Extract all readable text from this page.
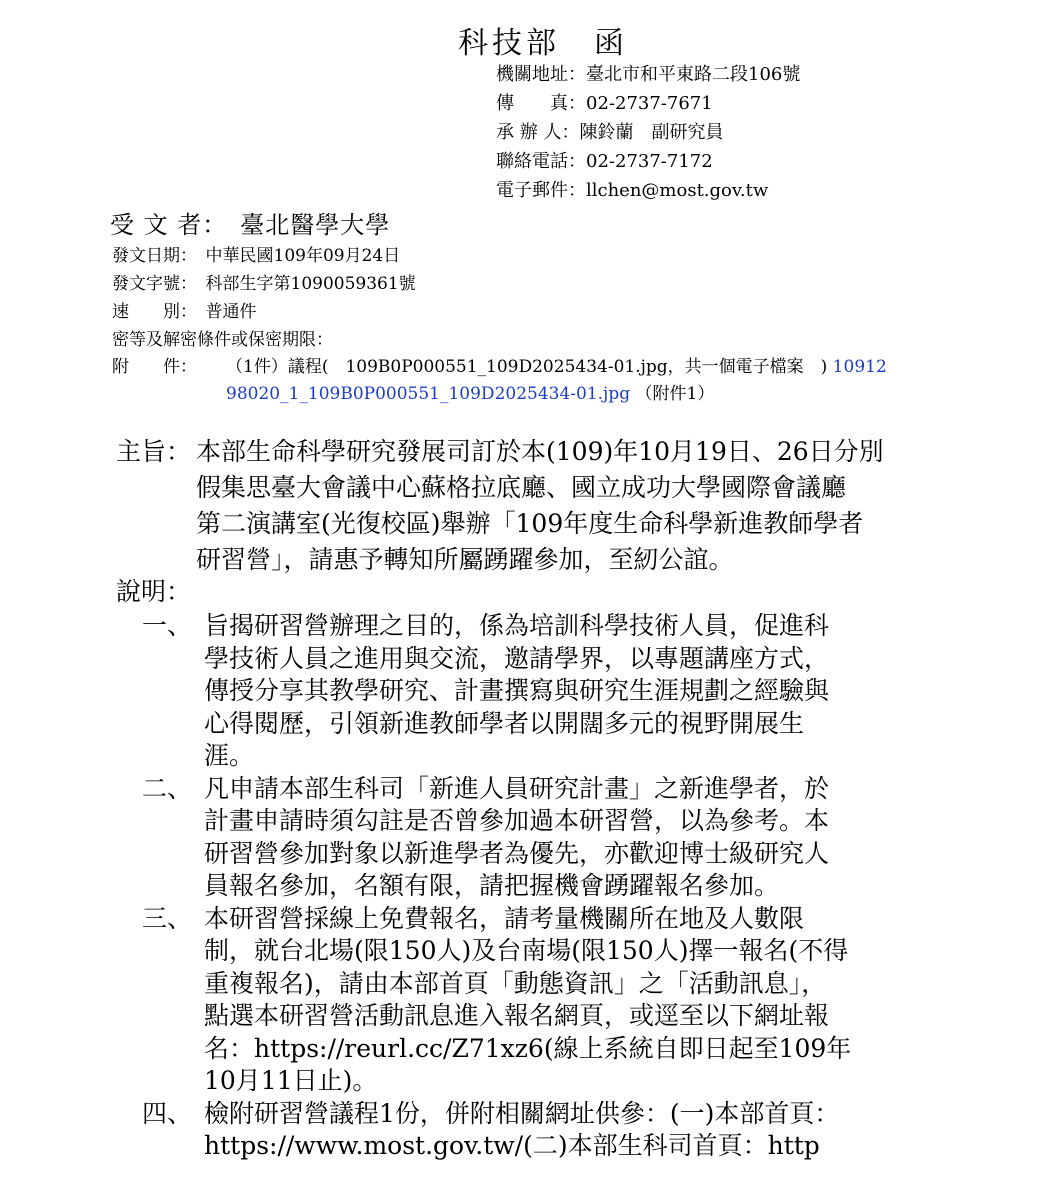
科技部　函
機關地址：臺北市和平東路二段106號
傳　　真：02-2737-7671
承 辦 人：陳鈴蘭　副研究員
聯絡電話：02-2737-7172
電子郵件：llchen@most.gov.tw
受 文 者：　臺北醫學大學
發文日期：　中華民國109年09月24日
發文字號：　科部生字第1090059361號
速　　別：　普通件
密等及解密條件或保密期限：
附　　件： （1件）議程(　109B0P000551_109D2025434-01.jpg，共一個電子檔案　) 10912
98020_1_109B0P000551_109D2025434-01.jpg （附件1）
主旨： 本部生命科學研究發展司訂於本(109)年10月19日、26日分別
假集思臺大會議中心蘇格拉底廳、國立成功大學國際會議廳
第二演講室(光復校區)舉辦「109年度生命科學新進教師學者
研習營」，請惠予轉知所屬踴躍參加，至紉公誼。
說明：
一、 旨揭研習營辦理之目的，係為培訓科學技術人員，促進科
學技術人員之進用與交流，邀請學界，以專題講座方式，
傳授分享其教學研究、計畫撰寫與研究生涯規劃之經驗與
心得閱歷，引領新進教師學者以開闊多元的視野開展生
涯。
二、 凡申請本部生科司「新進人員研究計畫」之新進學者，於
計畫申請時須勾註是否曾參加過本研習營，以為參考。本
研習營參加對象以新進學者為優先，亦歡迎博士級研究人
員報名參加，名額有限，請把握機會踴躍報名參加。
三、 本研習營採線上免費報名，請考量機關所在地及人數限
制，就台北場(限150人)及台南場(限150人)擇一報名(不得
重複報名)，請由本部首頁「動態資訊」之「活動訊息」，
點選本研習營活動訊息進入報名網頁，或逕至以下網址報
名：https://reurl.cc/Z71xz6(線上系統自即日起至109年
10月11日止)。
四、 檢附研習營議程1份，併附相關網址供參：(一)本部首頁：
https://www.most.gov.tw/(二)本部生科司首頁：http
